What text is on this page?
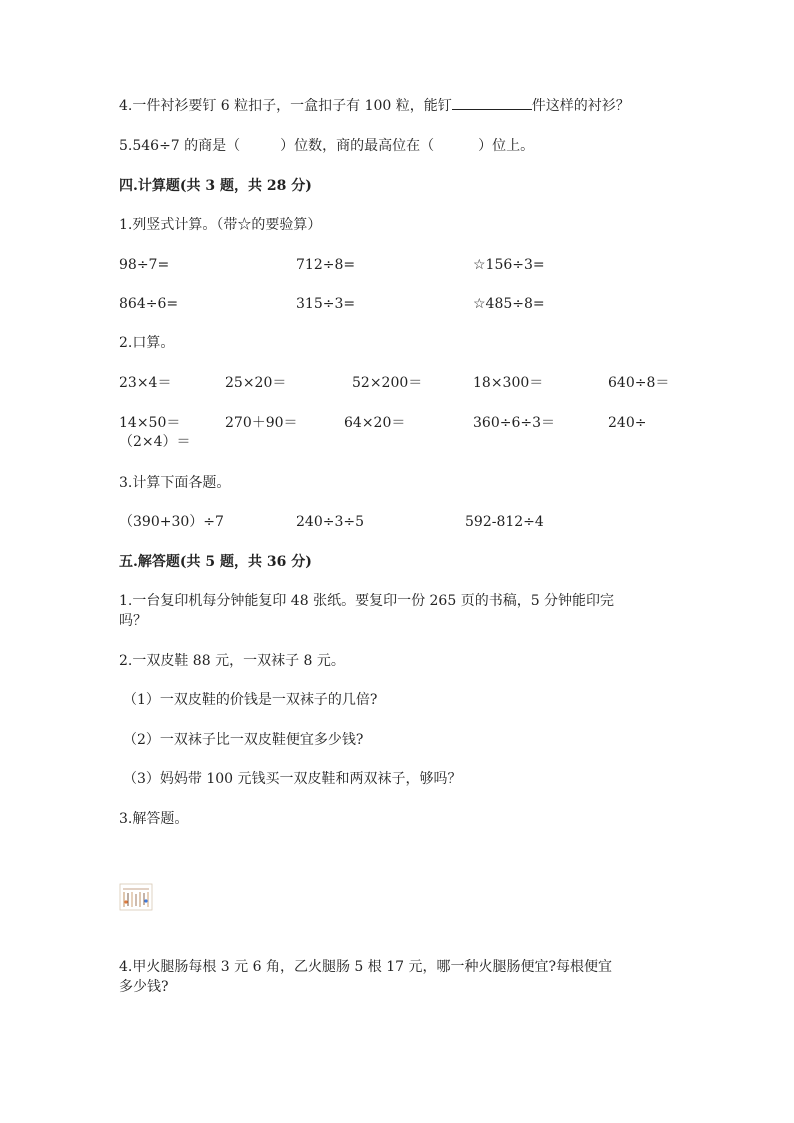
4.一件衬衫要钉 6 粒扣子，一盒扣子有 100 粒，能钉	件这样的衬衫？
5.546÷7 的商是（	）位数，商的最高位在（	）位上。
四.计算题(共 3 题，共 28 分)
1.列竖式计算。（带☆的要验算）
98÷7=	712÷8=	☆156÷3=
864÷6=	315÷3=	☆485÷8=
2.口算。
23×4＝	25×20＝	52×200＝	18×300＝	640÷8＝
14×50＝	270＋90＝	64×20＝	360÷6÷3＝	240÷
（2×4）＝
3.计算下面各题。
（390+30）÷7	240÷3÷5	592-812÷4
五.解答题(共 5 题，共 36 分)
1.一台复印机每分钟能复印 48 张纸。要复印一份 265 页的书稿，5 分钟能印完
吗？
2.一双皮鞋 88 元，一双袜子 8 元。
（1）一双皮鞋的价钱是一双袜子的几倍?
（2）一双袜子比一双皮鞋便宜多少钱?
（3）妈妈带 100 元钱买一双皮鞋和两双袜子，够吗？
3.解答题。
4.甲火腿肠每根 3 元 6 角，乙火腿肠 5 根 17 元，哪一种火腿肠便宜?每根便宜
多少钱?
